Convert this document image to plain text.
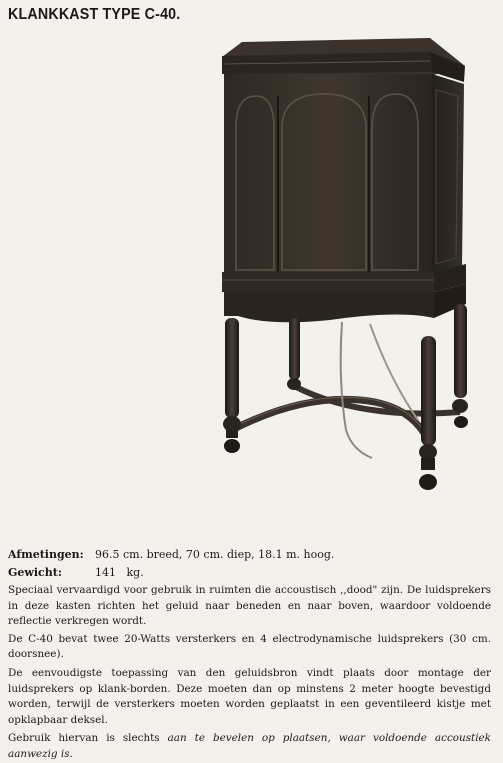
KLANKKAST TYPE C-40.
Afmetingen:	96.5 cm. breed, 70 cm. diep, 18.1 m. hoog.
Gewicht:	141   kg.

Speciaal vervaardigd voor gebruik in ruimten die accoustisch ,,dood" zijn. De luidsprekers in deze kasten richten het geluid naar beneden en naar boven, waardoor voldoende reflectie verkregen wordt.

De C-40 bevat twee 20-Watts versterkers en 4 electrodynamische luidsprekers (30 cm. doorsnee).

De eenvoudigste toepassing van den geluidsbron vindt plaats door montage der luidsprekers op klank-borden. Deze moeten dan op minstens 2 meter hoogte bevestigd worden, terwijl de versterkers moeten worden geplaatst in een geventileerd kistje met opklapbaar deksel.

Gebruik hiervan is slechts aan te bevelen op plaatsen, waar voldoende accoustiek aanwezig is.
